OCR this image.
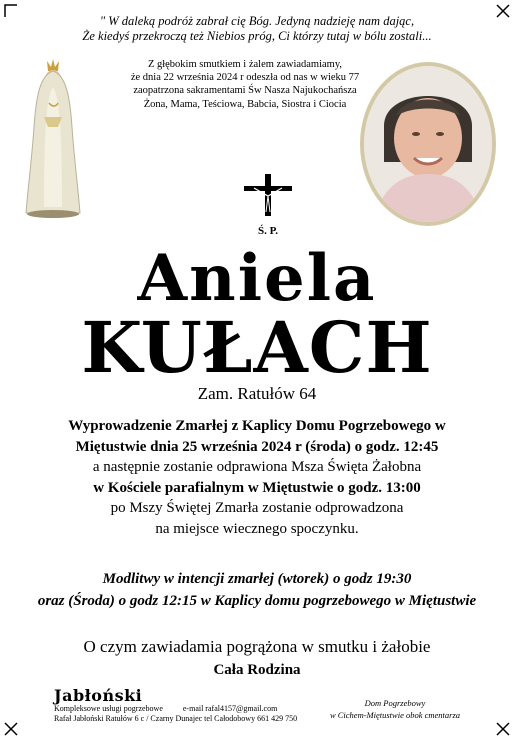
" W daleką podróż zabrał cię Bóg. Jedyną nadzieję nam dając,
Że kiedyś przekroczą też Niebios próg, Ci którzy tutaj w bólu zostali...
Z głębokim smutkiem i żalem zawiadamiamy,
że dnia 22 września 2024 r odeszła od nas w wieku 77
zaopatrzona sakramentami Św Nasza Najukochańsza
Żona, Mama, Teściowa, Babcia, Siostra i Ciocia
Ś. P.
Aniela
KUŁACH
Zam. Ratułów 64
Wyprowadzenie Zmarłej z Kaplicy Domu Pogrzebowego w
Miętustwie dnia 25 września 2024 r (środa) o godz. 12:45
a następnie zostanie odprawiona Msza Święta Żałobna
w Kościele parafialnym w Miętustwie o godz. 13:00
po Mszy Świętej Zmarła zostanie odprowadzona
na miejsce wiecznego spoczynku.
Modlitwy w intencji zmarłej (wtorek) o godz 19:30
oraz (Środa) o godz 12:15 w Kaplicy domu pogrzebowego w Miętustwie
O czym zawiadamia pogrążona w smutku i żałobie
Cała Rodzina
Jabłoński
Kompleksowe usługi pogrzebowe	e-mail rafal4157@gmail.com
Rafał Jabłoński Ratułów 6 c / Czarny Dunajec tel Całodobowy 661 429 750
Dom Pogrzebowy
w Cichem-Miętustwie obok cmentarza
